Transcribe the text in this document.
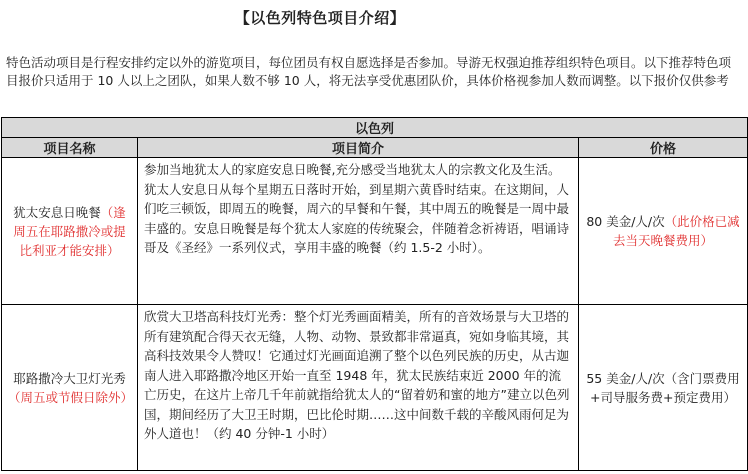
【以色列特色项目介绍】
特色活动项目是行程安排约定以外的游览项目，每位团员有权自愿选择是否参加。导游无权强迫推荐组织特色项目。以下推荐特色项目报价只适用于 10 人以上之团队，如果人数不够 10 人，将无法享受优惠团队价，具体价格视参加人数而调整。以下报价仅供参考
以色列		
项目名称	项目简介	价格
犹太安息日晚餐（逢周五在耶路撒冷或提比利亚才能安排）	参加当地犹太人的家庭安息日晚餐,充分感受当地犹太人的宗教文化及生活。犹太人安息日从每个星期五日落时开始，到星期六黄昏时结束。在这期间，人们吃三顿饭，即周五的晚餐，周六的早餐和午餐，其中周五的晚餐是一周中最丰盛的。安息日晚餐是每个犹太人家庭的传统聚会，伴随着念祈祷语，唱诵诗哥及《圣经》一系列仪式，享用丰盛的晚餐（约 1.5-2 小时）。	80 美金/人/次（此价格已减去当天晚餐费用）
耶路撒冷大卫灯光秀（周五或节假日除外）	欣赏大卫塔高科技灯光秀：整个灯光秀画面精美，所有的音效场景与大卫塔的所有建筑配合得天衣无缝，人物、动物、景致都非常逼真，宛如身临其境，其高科技效果令人赞叹！它通过灯光画面追溯了整个以色列民族的历史，从古迦南人进入耶路撒冷地区开始一直至 1948 年，犹太民族结束近 2000 年的流亡历史，在这片上帝几千年前就指给犹太人的“留着奶和蜜的地方”建立以色列国，期间经历了大卫王时期，巴比伦时期……这中间数千载的辛酸风雨何足为外人道也！（约 40 分钟-1 小时）	55 美金/人/次（含门票费用+司导服务费+预定费用）
